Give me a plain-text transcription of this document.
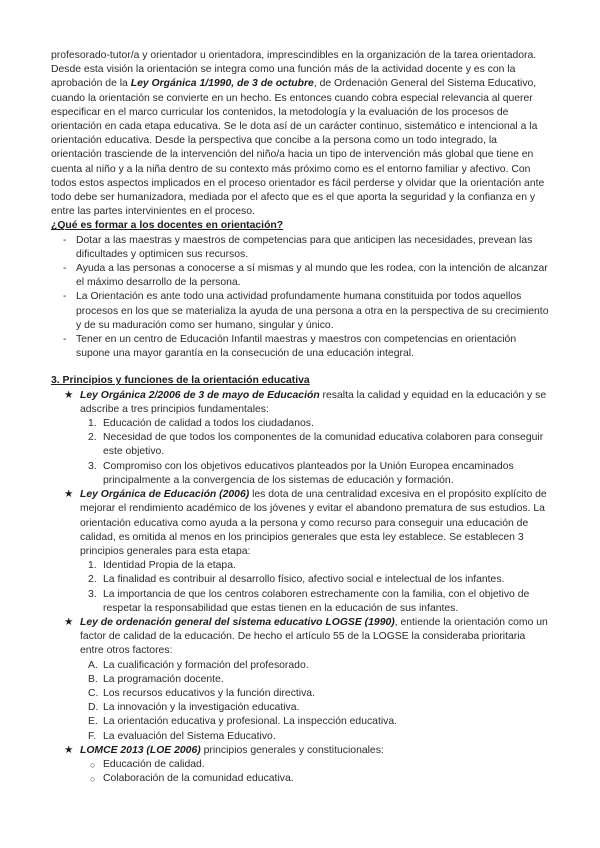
profesorado-tutor/a y orientador u orientadora, imprescindibles en la organización de la tarea orientadora. Desde esta visión la orientación se integra como una función más de la actividad docente y es con la aprobación de la Ley Orgánica 1/1990, de 3 de octubre, de Ordenación General del Sistema Educativo, cuando la orientación se convierte en un hecho. Es entonces cuando cobra especial relevancia al querer especificar en el marco curricular los contenidos, la metodología y la evaluación de los procesos de orientación en cada etapa educativa. Se le dota así de un carácter continuo, sistemático e intencional a la orientación educativa. Desde la perspectiva que concibe a la persona como un todo integrado, la orientación trasciende de la intervención del niño/a hacia un tipo de intervención más global que tiene en cuenta al niño y a la niña dentro de su contexto más próximo como es el entorno familiar y afectivo. Con todos estos aspectos implicados en el proceso orientador es fácil perderse y olvidar que la orientación ante todo debe ser humanizadora, mediada por el afecto que es el que aporta la seguridad y la confianza en y entre las partes intervinientes en el proceso.

¿Qué es formar a los docentes en orientación?

- Dotar a las maestras y maestros de competencias para que anticipen las necesidades, prevean las dificultades y optimicen sus recursos.
- Ayuda a las personas a conocerse a sí mismas y al mundo que les rodea, con la intención de alcanzar el máximo desarrollo de la persona.
- La Orientación es ante todo una actividad profundamente humana constituida por todos aquellos procesos en los que se materializa la ayuda de una persona a otra en la perspectiva de su crecimiento y de su maduración como ser humano, singular y único.
- Tener en un centro de Educación Infantil maestras y maestros con competencias en orientación supone una mayor garantía en la consecución de una educación integral.

3. Principios y funciones de la orientación educativa

★ Ley Orgánica 2/2006 de 3 de mayo de Educación resalta la calidad y equidad en la educación y se adscribe a tres principios fundamentales:
1. Educación de calidad a todos los ciudadanos.
2. Necesidad de que todos los componentes de la comunidad educativa colaboren para conseguir este objetivo.
3. Compromiso con los objetivos educativos planteados por la Unión Europea encaminados principalmente a la convergencia de los sistemas de educación y formación.
★ Ley Orgánica de Educación (2006) les dota de una centralidad excesiva en el propósito explícito de mejorar el rendimiento académico de los jóvenes y evitar el abandono prematura de sus estudios. La orientación educativa como ayuda a la persona y como recurso para conseguir una educación de calidad, es omitida al menos en los principios generales que esta ley establece. Se establecen 3 principios generales para esta etapa:
1. Identidad Propia de la etapa.
2. La finalidad es contribuir al desarrollo físico, afectivo social e intelectual de los infantes.
3. La importancia de que los centros colaboren estrechamente con la familia, con el objetivo de respetar la responsabilidad que estas tienen en la educación de sus infantes.
★ Ley de ordenación general del sistema educativo LOGSE (1990), entiende la orientación como un factor de calidad de la educación. De hecho el artículo 55 de la LOGSE la consideraba prioritaria entre otros factores:
A. La cualificación y formación del profesorado.
B. La programación docente.
C. Los recursos educativos y la función directiva.
D. La innovación y la investigación educativa.
E. La orientación educativa y profesional. La inspección educativa.
F. La evaluación del Sistema Educativo.
★ LOMCE 2013 (LOE 2006) principios generales y constitucionales:
○ Educación de calidad.
○ Colaboración de la comunidad educativa.
